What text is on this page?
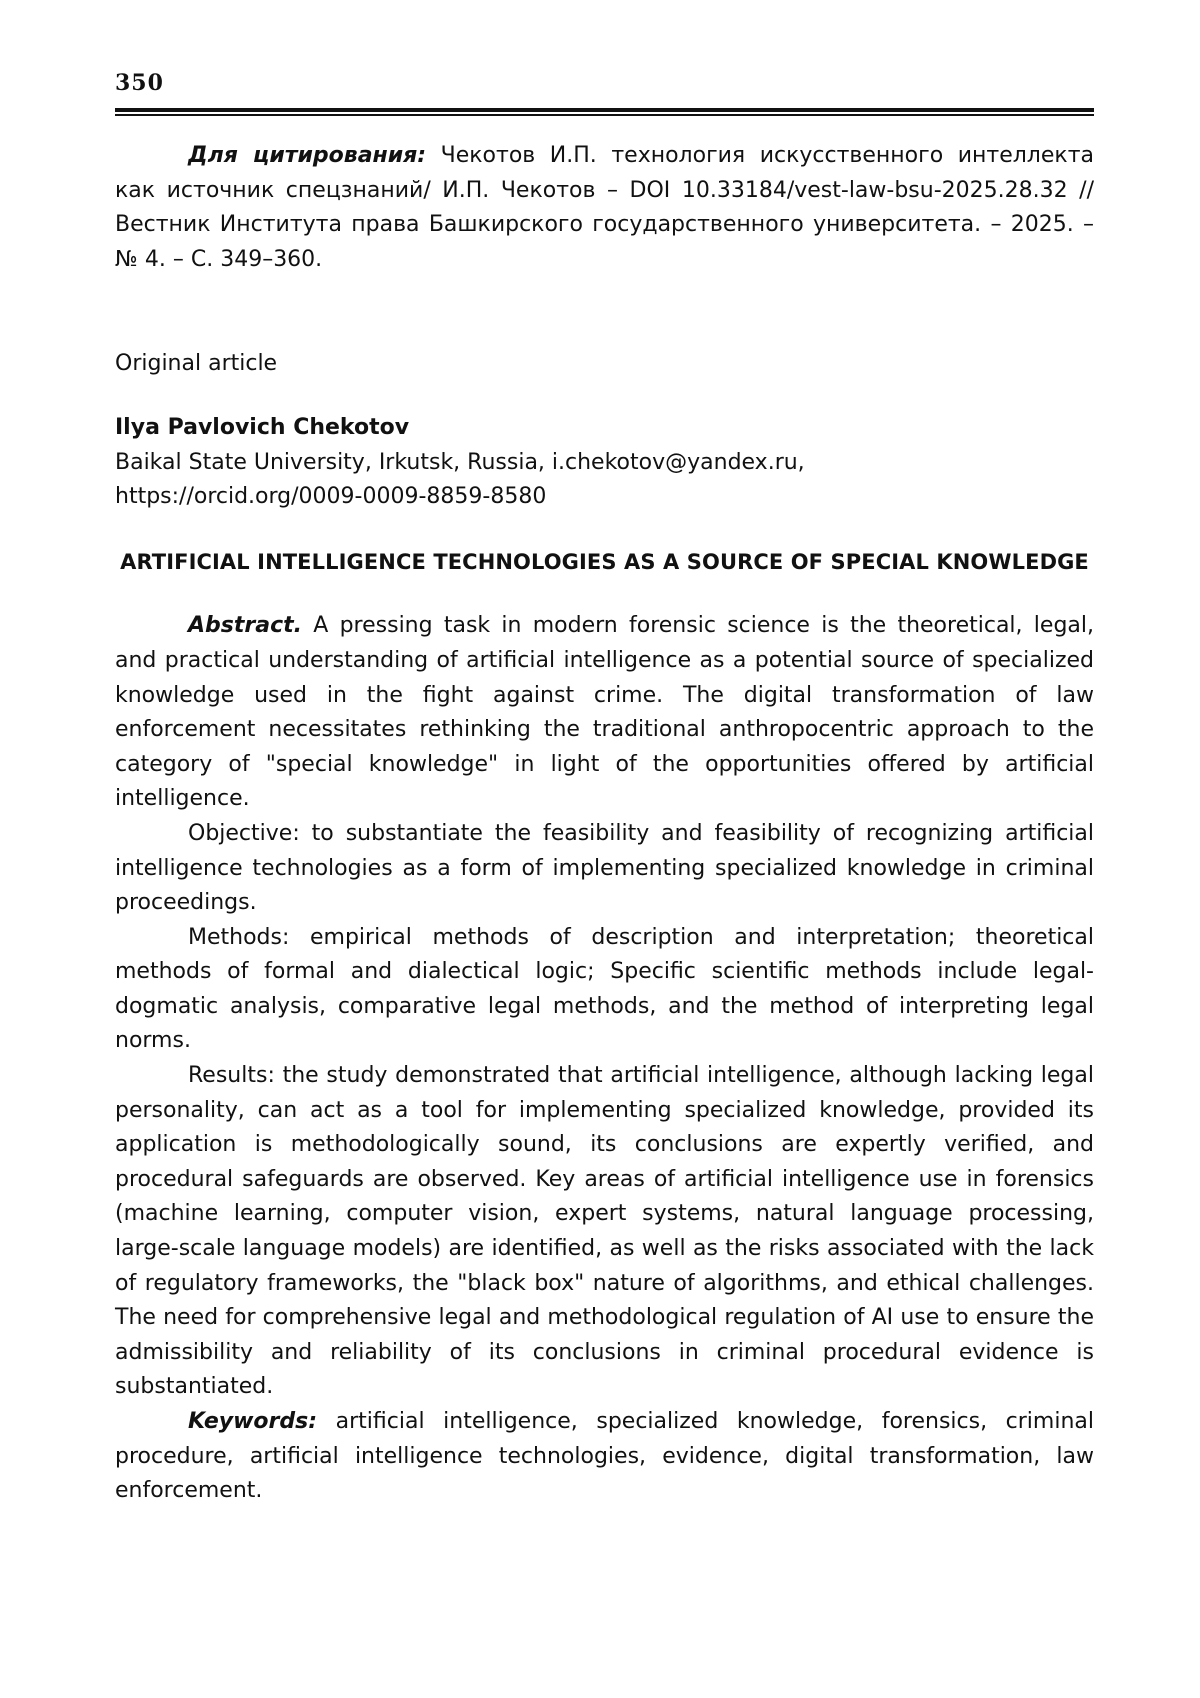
350

Для цитирования: Чекотов И.П. технология искусственного интеллекта как источник спецзнаний/ И.П. Чекотов – DOI 10.33184/vest-law-bsu-2025.28.32 // Вестник Института права Башкирского государственного университета. – 2025. – № 4. – С. 349–360.

Original article

Ilya Pavlovich Chekotov

Baikal State University, Irkutsk, Russia, i.chekotov@yandex.ru,

https://orcid.org/0009-0009-8859-8580

ARTIFICIAL INTELLIGENCE TECHNOLOGIES AS A SOURCE OF SPECIAL KNOWLEDGE

Abstract. A pressing task in modern forensic science is the theoretical, legal, and practical understanding of artificial intelligence as a potential source of specialized knowledge used in the fight against crime. The digital transformation of law enforcement necessitates rethinking the traditional anthropocentric approach to the category of "special knowledge" in light of the opportunities offered by artificial intelligence.

Objective: to substantiate the feasibility and feasibility of recognizing artificial intelligence technologies as a form of implementing specialized knowledge in criminal proceedings.

Methods: empirical methods of description and interpretation; theoretical methods of formal and dialectical logic; Specific scientific methods include legal-dogmatic analysis, comparative legal methods, and the method of interpreting legal norms.

Results: the study demonstrated that artificial intelligence, although lacking legal personality, can act as a tool for implementing specialized knowledge, provided its application is methodologically sound, its conclusions are expertly verified, and procedural safeguards are observed. Key areas of artificial intelligence use in forensics (machine learning, computer vision, expert systems, natural language processing, large-scale language models) are identified, as well as the risks associated with the lack of regulatory frameworks, the "black box" nature of algorithms, and ethical challenges. The need for comprehensive legal and methodological regulation of AI use to ensure the admissibility and reliability of its conclusions in criminal procedural evidence is substantiated.

Keywords: artificial intelligence, specialized knowledge, forensics, criminal procedure, artificial intelligence technologies, evidence, digital transformation, law enforcement.
